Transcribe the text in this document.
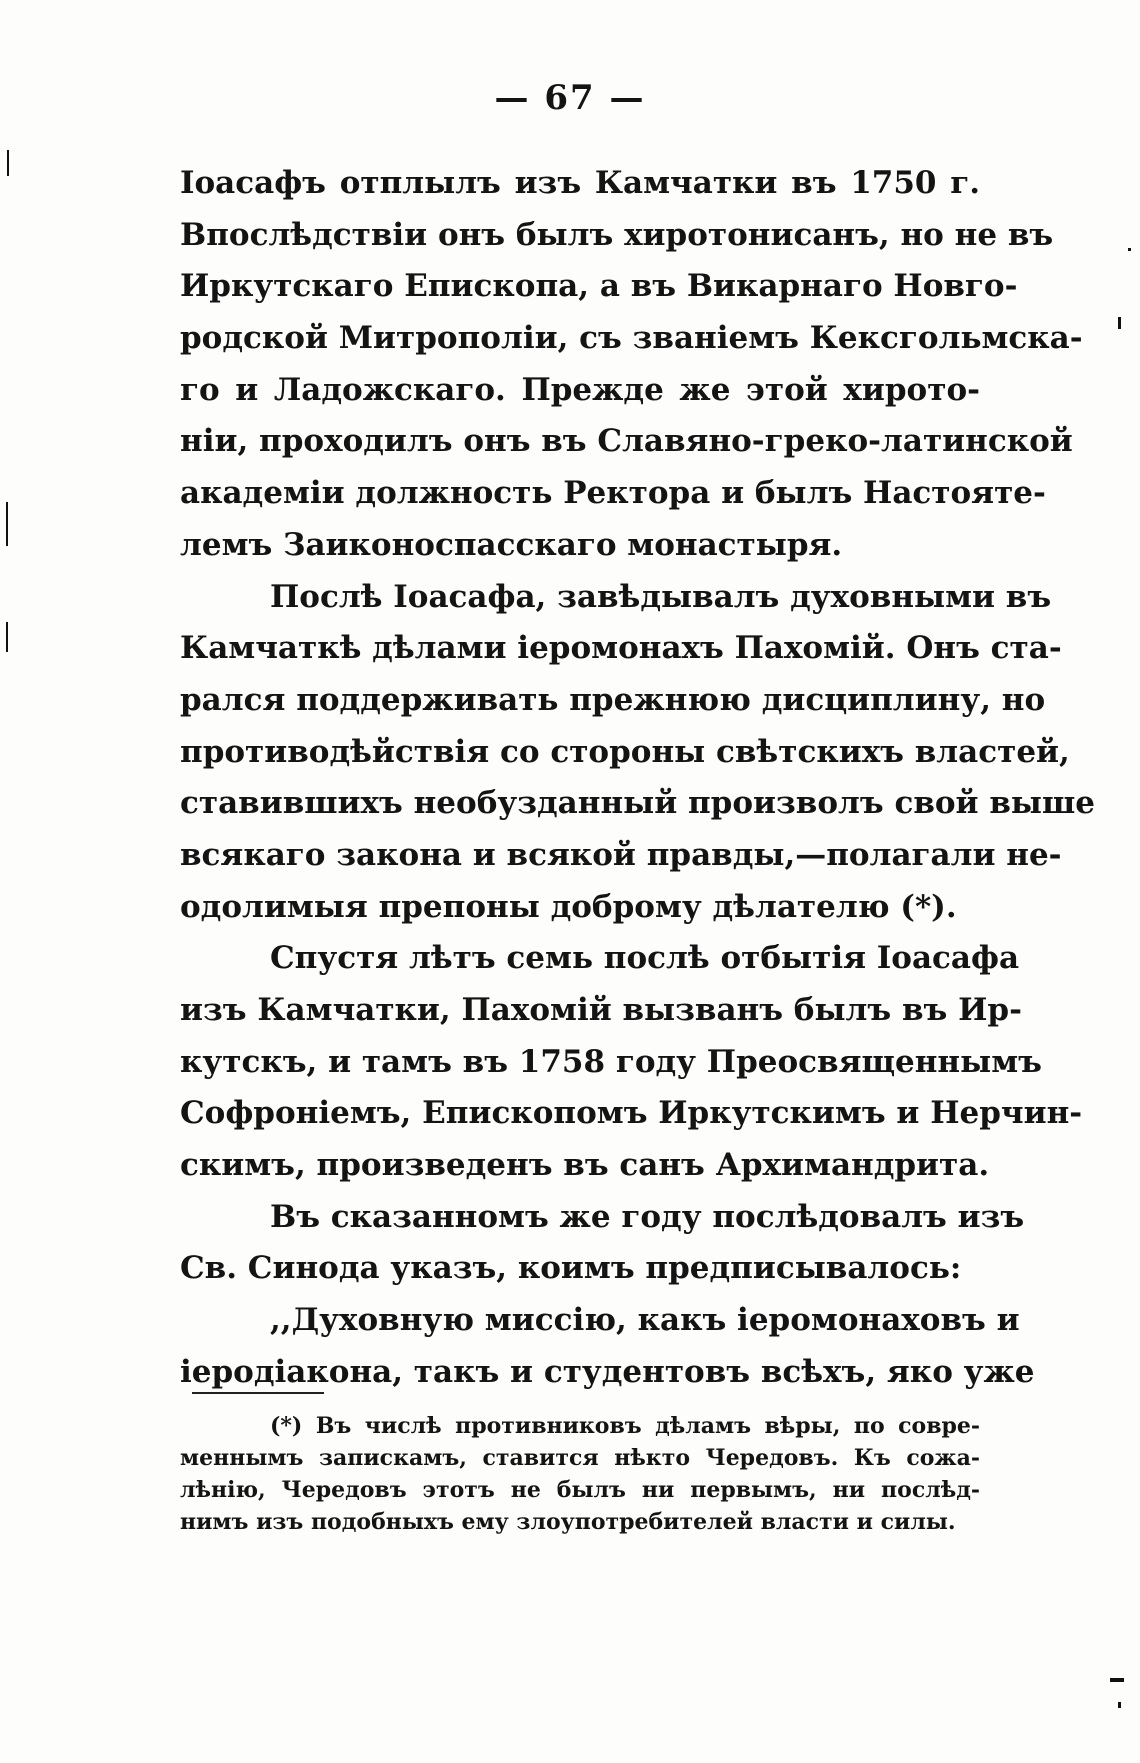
— 67 —
Іоасафъ отплылъ изъ Камчатки въ 1750 г.
Впослѣдствіи онъ былъ хиротонисанъ, но не въ
Иркутскаго Епископа, а въ Викарнаго Новго-
родской Митрополіи, съ званіемъ Кексгольмска-
го и Ладожскаго. Прежде же этой хирото-
ніи, проходилъ онъ въ Славяно-греко-латинской
академіи должность Ректора и былъ Настояте-
лемъ Заиконоспасскаго монастыря.
Послѣ Іоасафа, завѣдывалъ духовными въ
Камчаткѣ дѣлами іеромонахъ Пахомій. Онъ ста-
рался поддерживать прежнюю дисциплину, но
противодѣйствія со стороны свѣтскихъ властей,
ставившихъ необузданный произволъ свой выше
всякаго закона и всякой правды,—полагали не-
одолимыя препоны доброму дѣлателю (*).
Спустя лѣтъ семь послѣ отбытія Іоасафа
изъ Камчатки, Пахомій вызванъ былъ въ Ир-
кутскъ, и тамъ въ 1758 году Преосвященнымъ
Софроніемъ, Епископомъ Иркутскимъ и Нерчин-
скимъ, произведенъ въ санъ Архимандрита.
Въ сказанномъ же году послѣдовалъ изъ
Св. Синода указъ, коимъ предписывалось:
,,Духовную миссію, какъ іеромонаховъ и
іеродіакона, такъ и студентовъ всѣхъ, яко уже
(*) Въ числѣ противниковъ дѣламъ вѣры, по совре-
меннымъ запискамъ, ставится нѣкто Чередовъ. Къ сожа-
лѣнію, Чередовъ этотъ не былъ ни первымъ, ни послѣд-
нимъ изъ подобныхъ ему злоупотребителей власти и силы.
